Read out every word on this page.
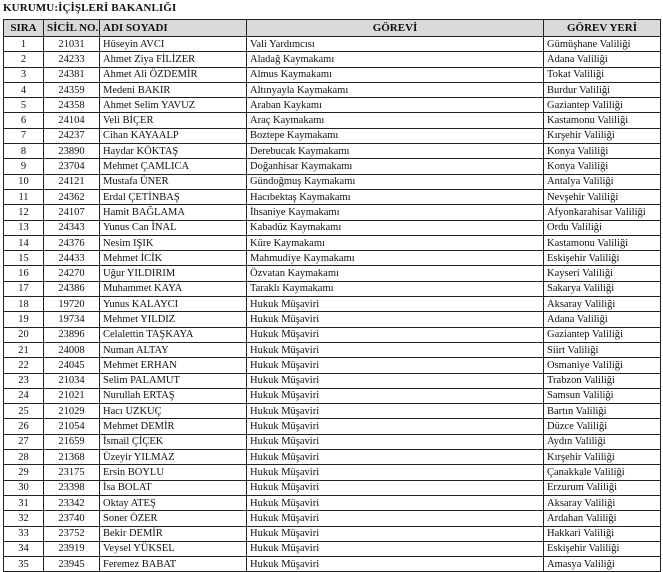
KURUMU:İÇİŞLERİ BAKANLIĞI
SIRA	SİCİL NO.	ADI SOYADI	GÖREVİ	GÖREV YERİ
1	21031	Hüseyin AVCI	Vali Yardımcısı	Gümüşhane Valiliği
2	24233	Ahmet Ziya FİLİZER	Aladağ Kaymakamı	Adana Valiliği
3	24381	Ahmet Ali ÖZDEMİR	Almus Kaymakamı	Tokat Valiliği
4	24359	Medeni BAKIR	Altınyayla Kaymakamı	Burdur Valiliği
5	24358	Ahmet Selim YAVUZ	Araban Kaykamı	Gaziantep Valiliği
6	24104	Veli BİÇER	Araç Kaymakamı	Kastamonu Valiliği
7	24237	Cihan KAYAALP	Boztepe Kaymakamı	Kırşehir Valiliği
8	23890	Haydar KÖKTAŞ	Derebucak Kaymakamı	Konya Valiliği
9	23704	Mehmet ÇAMLICA	Doğanhisar Kaymakamı	Konya Valiliği
10	24121	Mustafa ÜNER	Gündoğmuş Kaymakamı	Antalya Valiliği
11	24362	Erdal ÇETİNBAŞ	Hacıbektaş Kaymakamı	Nevşehir Valiliği
12	24107	Hamit BAĞLAMA	İhsaniye Kaymakamı	Afyonkarahisar Valiliği
13	24343	Yunus Can İNAL	Kabadüz Kaymakamı	Ordu Valiliği
14	24376	Nesim IŞIK	Küre Kaymakamı	Kastamonu Valiliği
15	24433	Mehmet İCİK	Mahmudiye Kaymakamı	Eskişehir Valiliği
16	24270	Uğur YILDIRIM	Özvatan Kaymakamı	Kayseri Valiliği
17	24386	Muhammet KAYA	Taraklı Kaymakamı	Sakarya Valiliği
18	19720	Yunus KALAYCI	Hukuk Müşaviri	Aksaray Valiliği
19	19734	Mehmet YILDIZ	Hukuk Müşaviri	Adana Valiliği
20	23896	Celalettin TAŞKAYA	Hukuk Müşaviri	Gaziantep Valiliği
21	24008	Numan ALTAY	Hukuk Müşaviri	Siirt Valiliği
22	24045	Mehmet ERHAN	Hukuk Müşaviri	Osmaniye Valiliği
23	21034	Selim PALAMUT	Hukuk Müşaviri	Trabzon Valiliği
24	21021	Nurullah ERTAŞ	Hukuk Müşaviri	Samsun Valiliği
25	21029	Hacı UZKUÇ	Hukuk Müşaviri	Bartın Valiliği
26	21054	Mehmet DEMİR	Hukuk Müşaviri	Düzce Valiliği
27	21659	İsmail ÇİÇEK	Hukuk Müşaviri	Aydın Valiliği
28	21368	Üzeyir YILMAZ	Hukuk Müşaviri	Kırşehir Valiliği
29	23175	Ersin BOYLU	Hukuk Müşaviri	Çanakkale Valiliği
30	23398	İsa BOLAT	Hukuk Müşaviri	Erzurum Valiliği
31	23342	Oktay ATEŞ	Hukuk Müşaviri	Aksaray Valiliği
32	23740	Soner ÖZER	Hukuk Müşaviri	Ardahan Valiliği
33	23752	Bekir DEMİR	Hukuk Müşaviri	Hakkari Valiliği
34	23919	Veysel YÜKSEL	Hukuk Müşaviri	Eskişehir Valiliği
35	23945	Feremez BABAT	Hukuk Müşaviri	Amasya Valiliği
